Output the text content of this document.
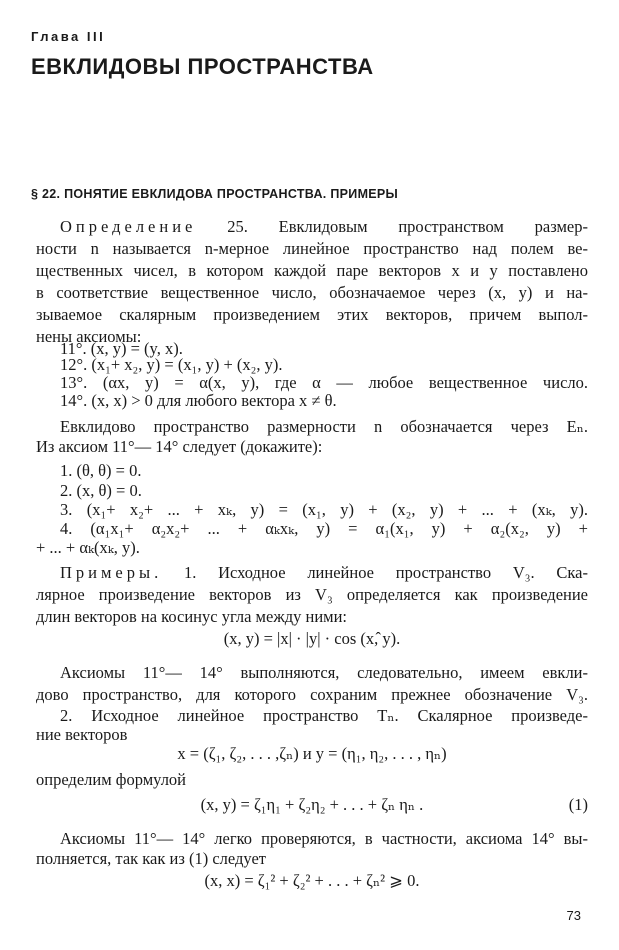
Глава III
ЕВКЛИДОВЫ ПРОСТРАНСТВА
§ 22. ПОНЯТИЕ ЕВКЛИДОВА ПРОСТРАНСТВА. ПРИМЕРЫ
Определение 25. Евклидовым пространством размер-
ности n называется n-мерное линейное пространство над полем ве-
щественных чисел, в котором каждой паре векторов x и y поставлено
в соответствие вещественное число, обозначаемое через (x, y) и на-
зываемое скалярным произведением этих векторов, причем выпол-
нены аксиомы:
11°. (x, y) = (y, x).
12°. (x₁+ x₂, y) = (x₁, y) + (x₂, y).
13°. (αx, y) = α(x, y), где α — любое вещественное число.
14°. (x, x) > 0 для любого вектора x ≠ θ.
Евклидово пространство размерности n обозначается через Eₙ.
Из аксиом 11°— 14° следует (докажите):
1. (θ, θ) = 0.
2. (x, θ) = 0.
3. (x₁+ x₂+ ... + xₖ, y) = (x₁, y) + (x₂, y) + ... + (xₖ, y).
4. (α₁x₁+ α₂x₂+ ... + αₖxₖ, y) = α₁(x₁, y) + α₂(x₂, y) +
+ ... + αₖ(xₖ, y).
Примеры. 1. Исходное линейное пространство V₃. Ска-
лярное произведение векторов из V₃ определяется как произведение
длин векторов на косинус угла между ними:
(x, y) = |x| · |y| · cos (x,̂ y).
Аксиомы 11°— 14° выполняются, следовательно, имеем евкли-
дово пространство, для которого сохраним прежнее обозначение V₃.
2. Исходное линейное пространство Tₙ. Скалярное произведе-
ние векторов
x = (ζ₁, ζ₂, . . . ,ζₙ) и y = (η₁, η₂, . . . , ηₙ)
определим формулой
(x, y) = ζ₁η₁ + ζ₂η₂ + . . . + ζₙ ηₙ .	(1)
Аксиомы 11°— 14° легко проверяются, в частности, аксиома 14° вы-
полняется, так как из (1) следует
(x, x) = ζ₁² + ζ₂² + . . . + ζₙ² ⩾ 0.
73
